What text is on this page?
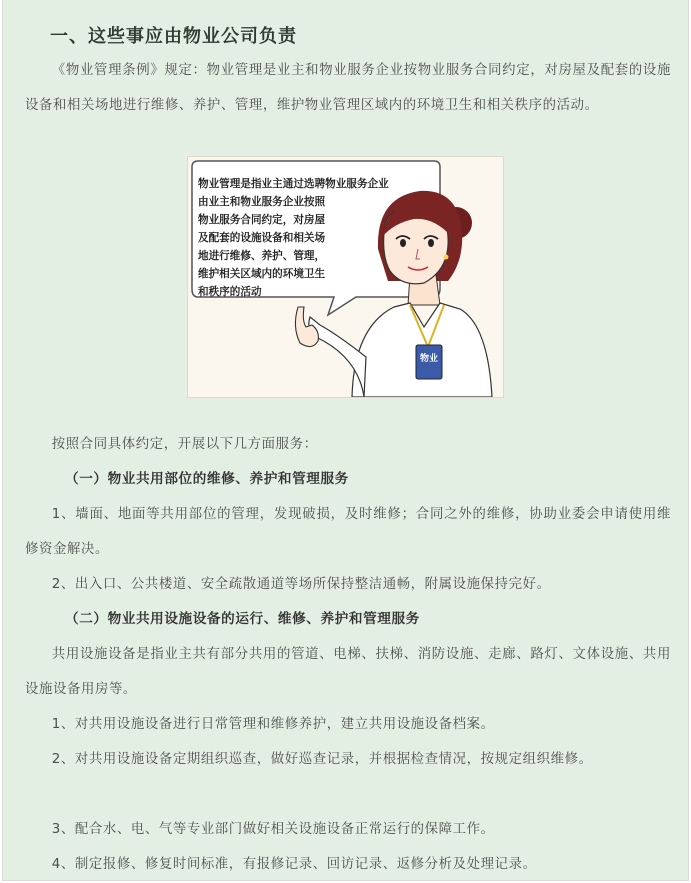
一、这些事应由物业公司负责

《物业管理条例》规定：物业管理是业主和物业服务企业按物业服务合同约定，对房屋及配套的设施设备和相关场地进行维修、养护、管理，维护物业管理区域内的环境卫生和相关秩序的活动。

物业

物业管理是指业主通过选聘物业服务企业
由业主和物业服务企业按照
物业服务合同约定，对房屋
及配套的设施设备和相关场
地进行维修、养护、管理，
维护相关区域内的环境卫生
和秩序的活动

按照合同具体约定，开展以下几方面服务：

（一）物业共用部位的维修、养护和管理服务

1、墙面、地面等共用部位的管理，发现破损，及时维修；合同之外的维修，协助业委会申请使用维修资金解决。

2、出入口、公共楼道、安全疏散通道等场所保持整洁通畅，附属设施保持完好。

（二）物业共用设施设备的运行、维修、养护和管理服务

共用设施设备是指业主共有部分共用的管道、电梯、扶梯、消防设施、走廊、路灯、文体设施、共用设施设备用房等。

1、对共用设施设备进行日常管理和维修养护，建立共用设施设备档案。

2、对共用设施设备定期组织巡查，做好巡查记录，并根据检查情况，按规定组织维修。

3、配合水、电、气等专业部门做好相关设施设备正常运行的保障工作。

4、制定报修、修复时间标准，有报修记录、回访记录、返修分析及处理记录。
